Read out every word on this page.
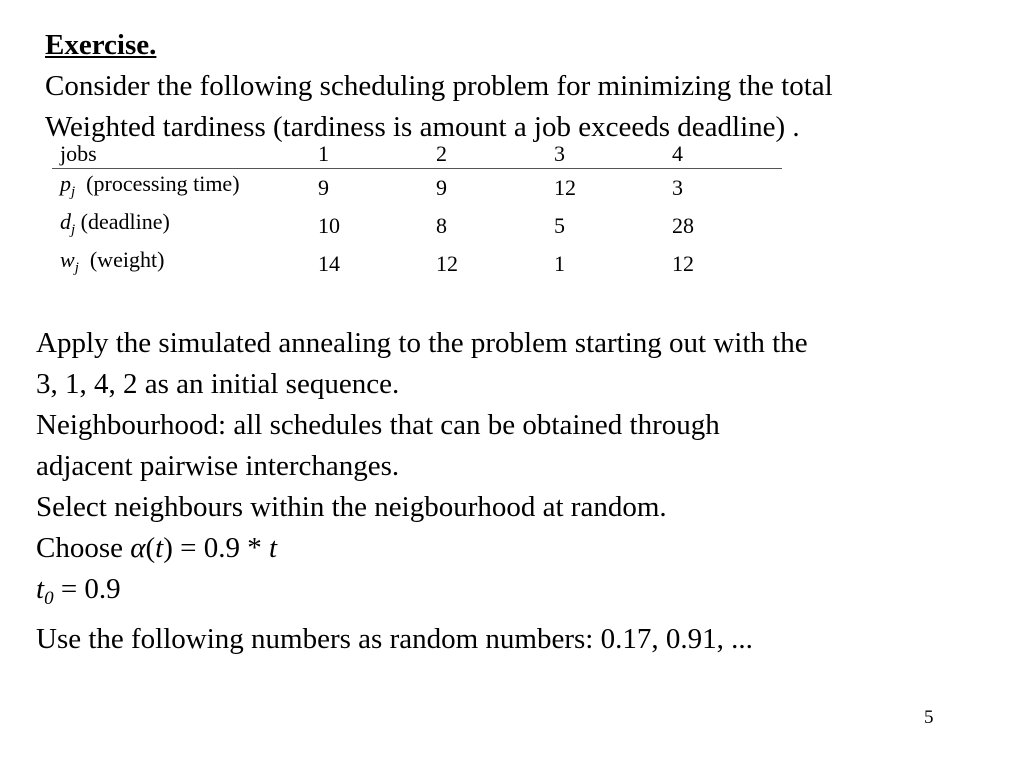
Exercise.

Consider the following scheduling problem for minimizing the total

Weighted tardiness (tardiness is amount a job exceeds deadline) .

jobs	1	2	3	4
$p_j$ (processing time)	9	9	12	3
$d_j$ (deadline)	10	8	5	28
$w_j$ (weight)	14	12	1	12

Apply the simulated annealing to the problem starting out with the

3, 1, 4, 2 as an initial sequence.

Neighbourhood: all schedules that can be obtained through

adjacent pairwise interchanges.

Select neighbours within the neigbourhood at random.

Choose α(t) = 0.9 * t

$t_0 = 0.9$

Use the following numbers as random numbers: 0.17, 0.91, ...

5
